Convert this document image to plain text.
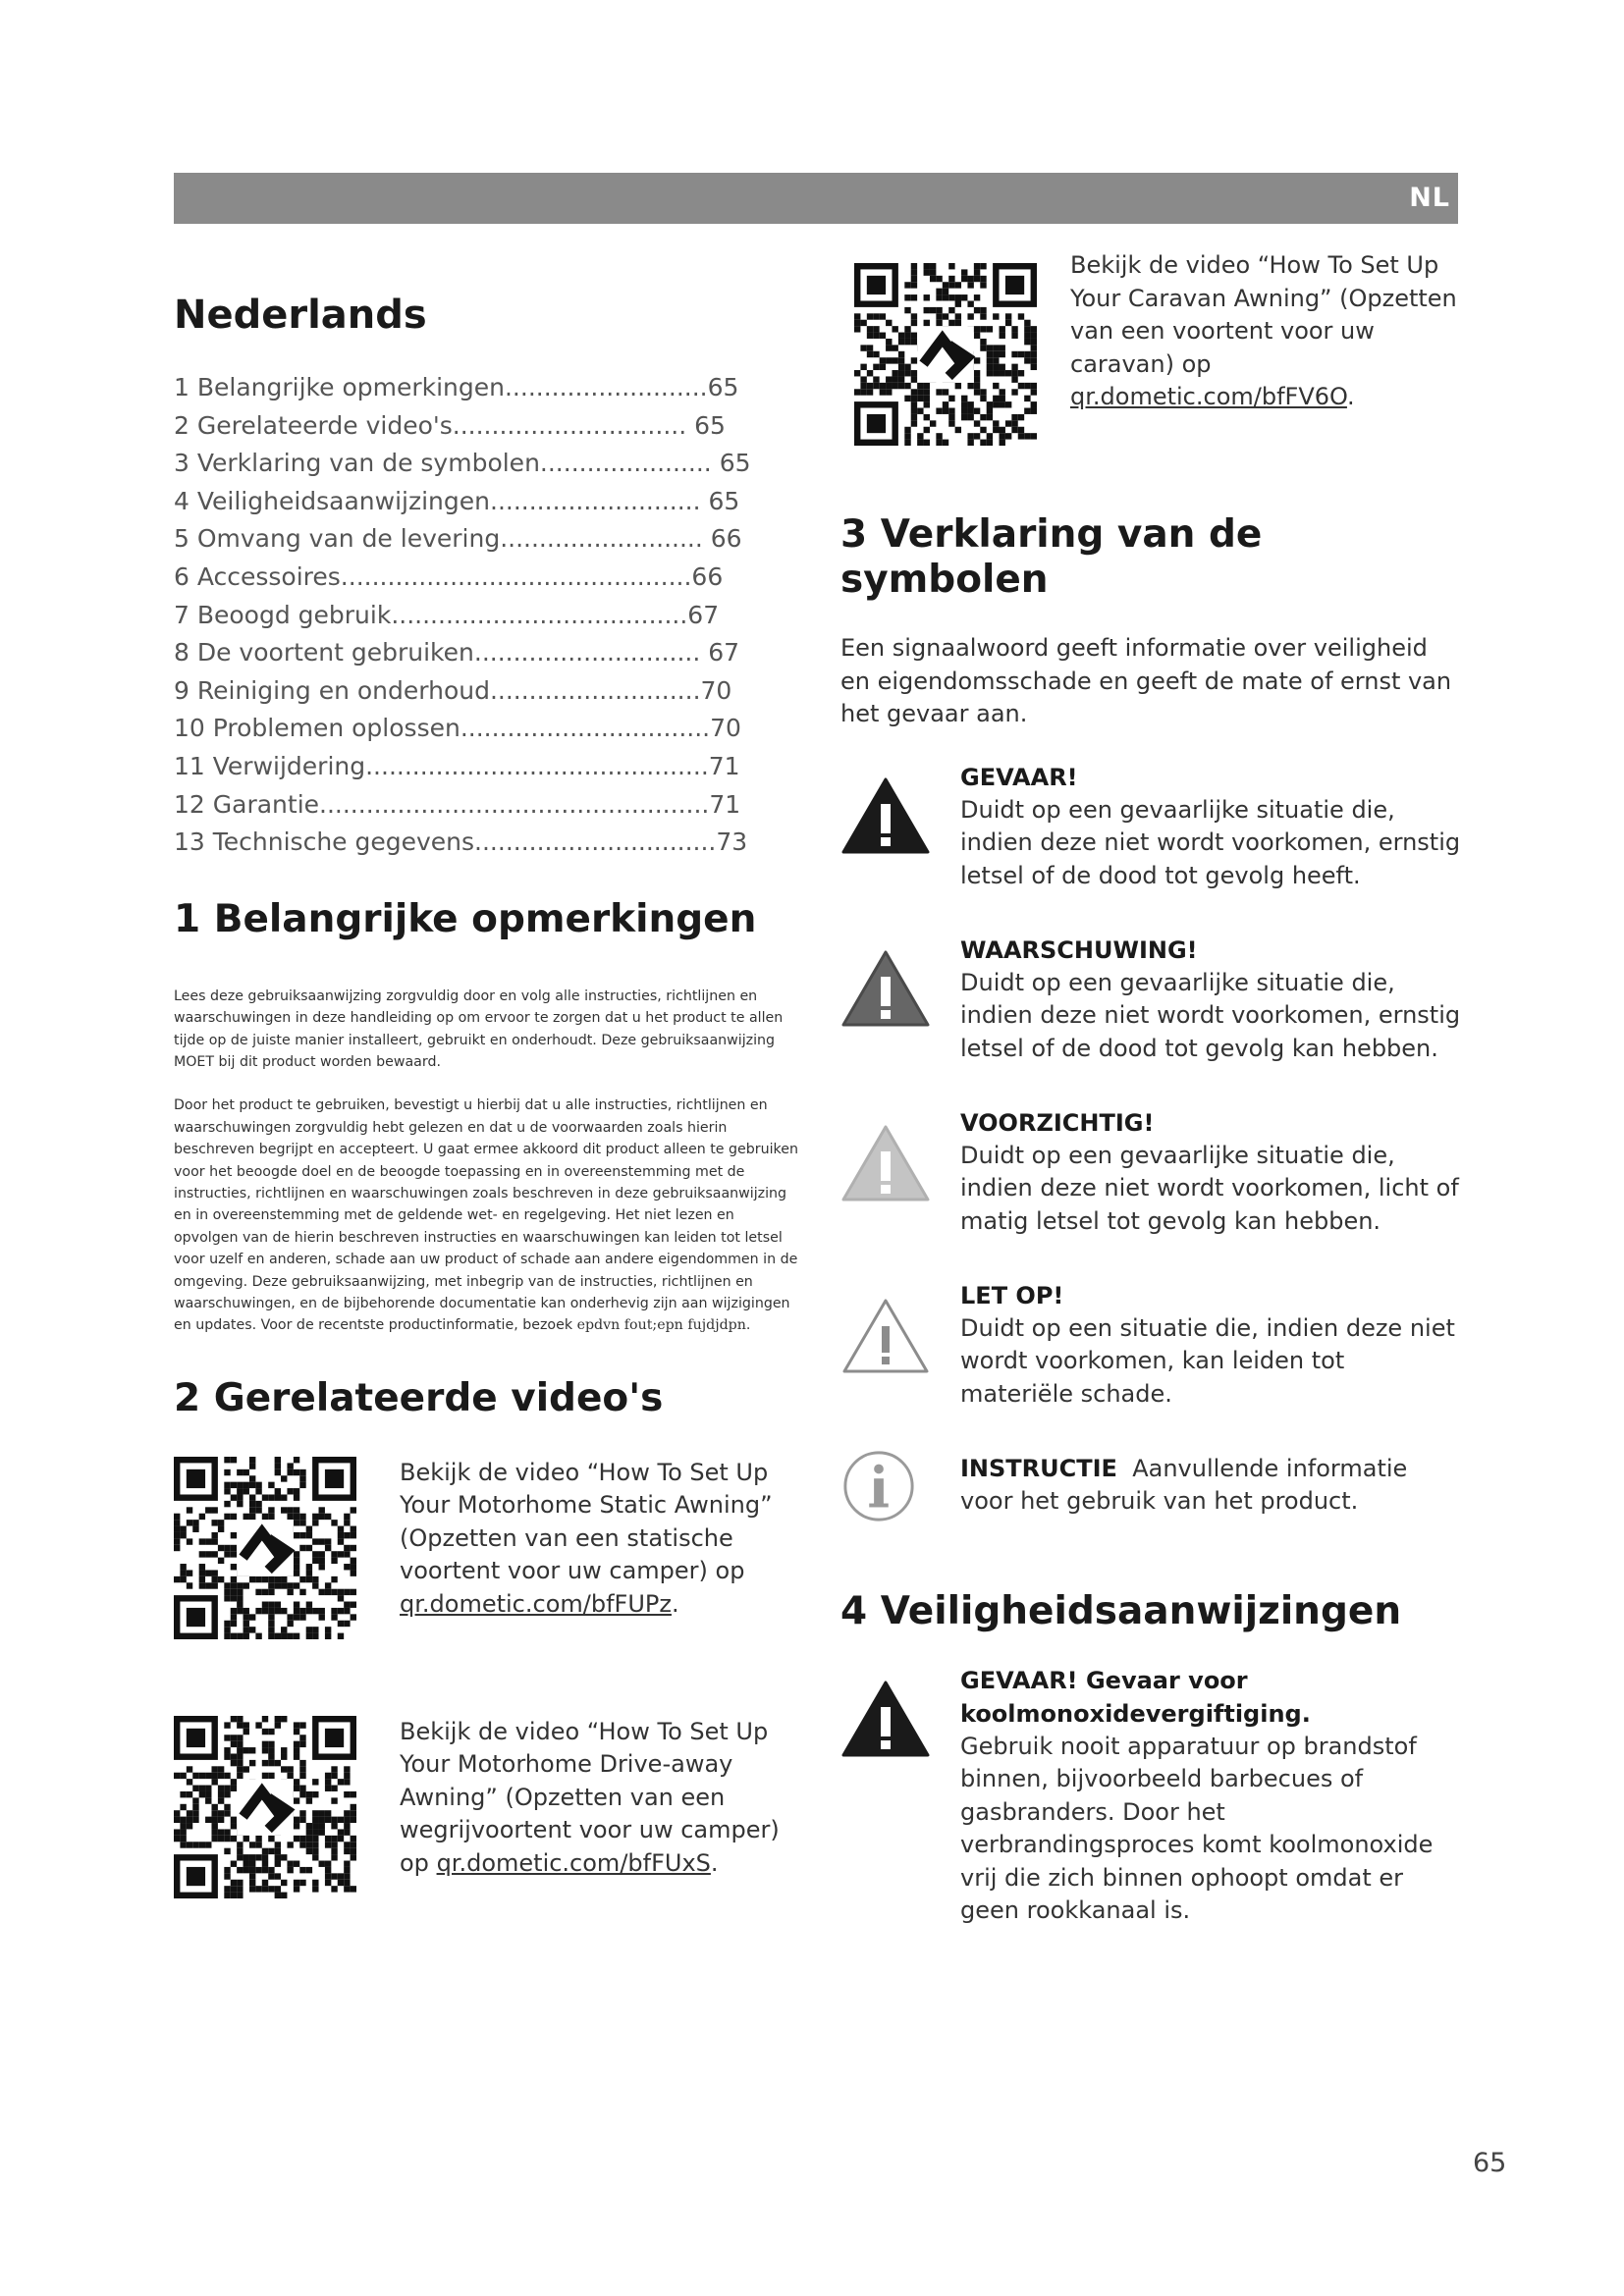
NL
Nederlands
1 Belangrijke opmerkingen..........................65
2 Gerelateerde video's.............................. 65
3 Verklaring van de symbolen...................... 65
4 Veiligheidsaanwijzingen........................... 65
5 Omvang van de levering.......................... 66
6 Accessoires.............................................66
7 Beoogd gebruik......................................67
8 De voortent gebruiken............................. 67
9 Reiniging en onderhoud...........................70
10 Problemen oplossen................................70
11 Verwijdering............................................71
12 Garantie..................................................71
13 Technische gegevens...............................73
1 Belangrijke opmerkingen

Lees deze gebruiksaanwijzing zorgvuldig door en volg alle instructies, richtlijnen en waarschuwingen in deze handleiding op om ervoor te zorgen dat u het product te allen tijde op de juiste manier installeert, gebruikt en onderhoudt. Deze gebruiksaanwijzing MOET bij dit product worden bewaard.

Door het product te gebruiken, bevestigt u hierbij dat u alle instructies, richtlijnen en waarschuwingen zorgvuldig hebt gelezen en dat u de voorwaarden zoals hierin beschreven begrijpt en accepteert. U gaat ermee akkoord dit product alleen te gebruiken voor het beoogde doel en de beoogde toepassing en in overeenstemming met de instructies, richtlijnen en waarschuwingen zoals beschreven in deze gebruiksaanwijzing en in overeenstemming met de geldende wet- en regelgeving. Het niet lezen en opvolgen van de hierin beschreven instructies en waarschuwingen kan leiden tot letsel voor uzelf en anderen, schade aan uw product of schade aan andere eigendommen in de omgeving. Deze gebruiksaanwijzing, met inbegrip van de instructies, richtlijnen en waarschuwingen, en de bijbehorende documentatie kan onderhevig zijn aan wijzigingen en updates. Voor de recentste productinformatie, bezoek epdvn fout;epn fujdjdpn.

2 Gerelateerde video's
Bekijk de video “How To Set Up Your Motorhome Static Awning” (Opzetten van een statische voortent voor uw camper) op qr.dometic.com/bfFUPz.
Bekijk de video “How To Set Up Your Motorhome Drive-away Awning” (Opzetten van een wegrijvoortent voor uw camper) op qr.dometic.com/bfFUxS.
Bekijk de video “How To Set Up Your Caravan Awning” (Opzetten van een voortent voor uw caravan) op qr.dometic.com/bfFV6O.
3 Verklaring van de symbolen

Een signaalwoord geeft informatie over veiligheid en eigendomsschade en geeft de mate of ernst van het gevaar aan.

GEVAAR!
Duidt op een gevaarlijke situatie die, indien deze niet wordt voorkomen, ernstig letsel of de dood tot gevolg heeft.
WAARSCHUWING!
Duidt op een gevaarlijke situatie die, indien deze niet wordt voorkomen, ernstig letsel of de dood tot gevolg kan hebben.
VOORZICHTIG!
Duidt op een gevaarlijke situatie die, indien deze niet wordt voorkomen, licht of matig letsel tot gevolg kan hebben.
LET OP!
Duidt op een situatie die, indien deze niet wordt voorkomen, kan leiden tot materiële schade.
INSTRUCTIE Aanvullende informatie voor het gebruik van het product.
4 Veiligheidsaanwijzingen
GEVAAR! Gevaar voor koolmonoxidevergiftiging.
Gebruik nooit apparatuur op brandstof binnen, bijvoorbeeld barbecues of gasbranders. Door het verbrandingsproces komt koolmonoxide vrij die zich binnen ophoopt omdat er geen rookkanaal is.
65
